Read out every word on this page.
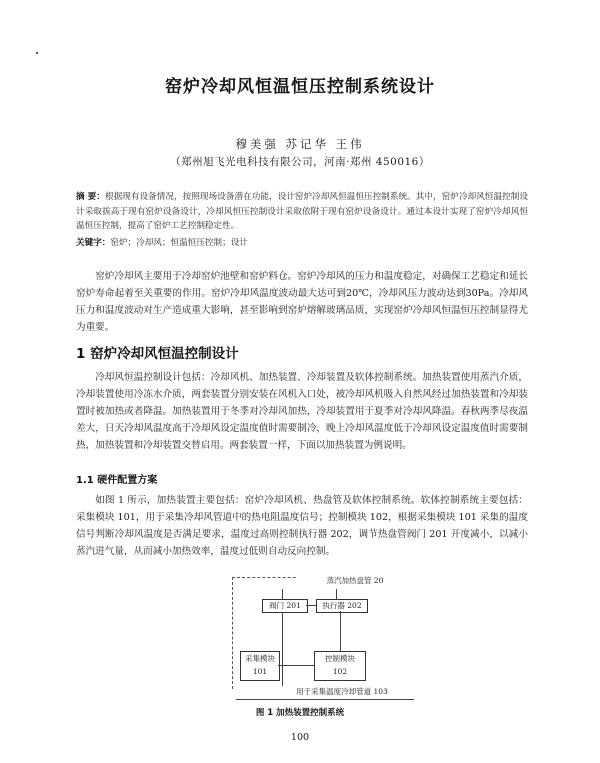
窑炉冷却风恒温恒压控制系统设计
穆美强 苏记华 王伟
（郑州旭飞光电科技有限公司，河南·郑州 450016）
摘 要：根据现有设备情况，按照现场设备潜在功能，设计窑炉冷却风恒温恒压控制系统。其中，窑炉冷却风恒温控制设计采取拔高于现有窑炉设备设计，冷却风恒压控制设计采取依附于现有窑炉设备设计。通过本设计实现了窑炉冷却风恒温恒压控制，提高了窑炉工艺控制稳定性。
关键字：窑炉；冷却风；恒温恒压控制；设计
窑炉冷却风主要用于冷却窑炉池壁和窑炉料仓。窑炉冷却风的压力和温度稳定，对确保工艺稳定和延长窑炉寿命起着至关重要的作用。窑炉冷却风温度波动最大达可到20℃，冷却风压力波动达到30Pa。冷却风压力和温度波动对生产造成重大影响，甚至影响到窑炉熔解玻璃品质，实现窑炉冷却风恒温恒压控制显得尤为重要。
1 窑炉冷却风恒温控制设计
冷却风恒温控制设计包括：冷却风机、加热装置、冷却装置及软体控制系统。加热装置使用蒸汽介质，冷却装置使用冷冻水介质，两套装置分别安装在风机入口处，被冷却风机吸入自然风经过加热装置和冷却装置时被加热或者降温。加热装置用于冬季对冷却风加热，冷却装置用于夏季对冷却风降温。春秋两季尽夜温差大，日天冷却风温度高于冷却风设定温度值时需要制冷，晚上冷却风温度低于冷却风设定温度值时需要制热，加热装置和冷却装置交替启用。两套装置一样，下面以加热装置为例说明。
1.1 硬件配置方案
如图 1 所示，加热装置主要包括：窑炉冷却风机、热盘管及软体控制系统。软体控制系统主要包括：采集模块 101，用于采集冷却风管道中的热电阻温度信号；控制模块 102，根据采集模块 101 采集的温度信号判断冷却风温度是否满足要求，温度过高则控制执行器 202，调节热盘管阀门 201 开度减小，以减小蒸汽进气量，从而减小加热效率，温度过低则自动反向控制。
蒸汽加热盘管 20
阀门 201	执行器 202
采集模块
101
控制模块
102
用于采集温度冷却管道 103
图 1 加热装置控制系统
100
